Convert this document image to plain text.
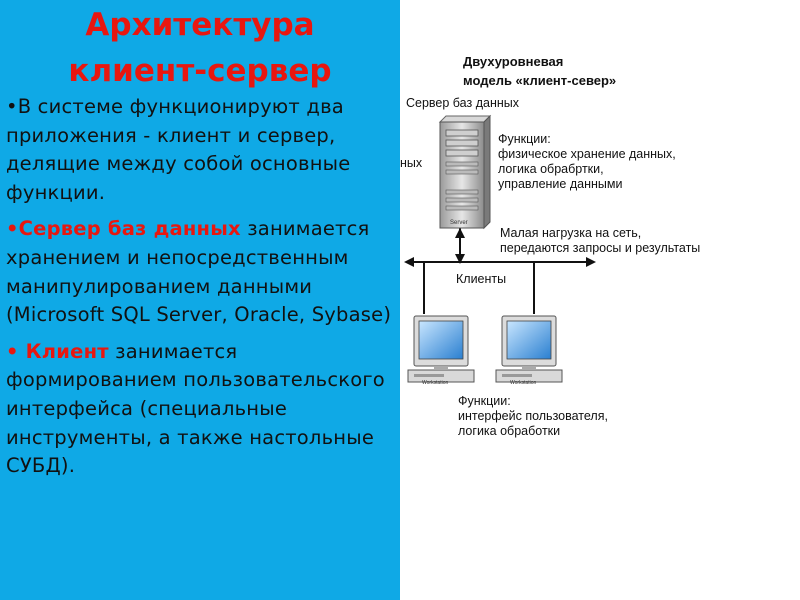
Архитектура
клиент-сервер

•В системе функционируют два приложения - клиент и сервер, делящие между собой основные функции.

•Сервер баз данных занимается хранением и непосредственным манипулированием данными (Microsoft SQL Server, Oracle, Sybase)

• Клиент занимается формированием пользовательского интерфейса (специальные инструменты, а также настольные СУБД).

Server
Workstation	Workstation
Двухуровневая
модель «клиент-север»
Сервер баз данных
ных
Функции:
физическое хранение данных,
логика обрабртки,
управление данными
Малая нагрузка на сеть,
передаются запросы и результаты
Клиенты
Функции:
интерфейс пользователя,
логика обработки
